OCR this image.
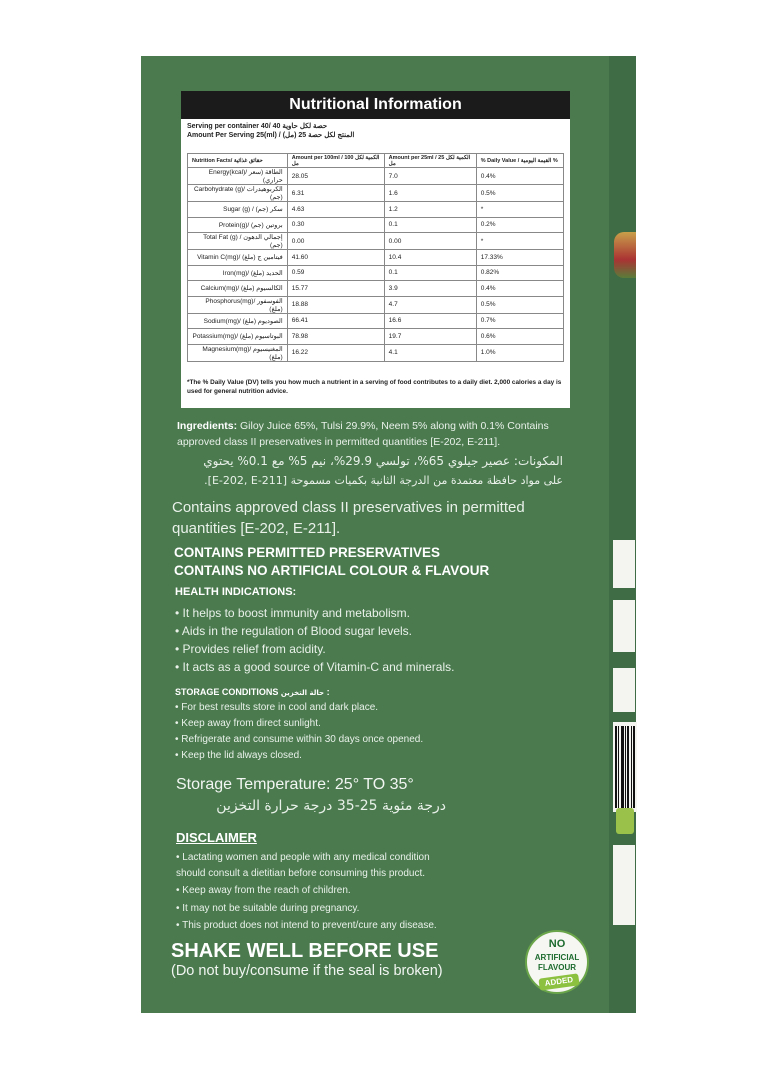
Nutritional Information
Serving per container 40/ 40 حصة لكل حاوية
Amount Per Serving 25(ml) / المنتج لكل حصة 25 (مل)
Nutrition Facts/ حقائق غذائية	Amount per 100ml / الكمية لكل 100 مل	Amount per 25ml / الكمية لكل 25 مل	% Daily Value / القيمة اليومية %
Energy(kcal)/ الطاقة (سعر حراري)	28.05	7.0	0.4%
Carbohydrate (g)/ الكربوهيدرات (جم)	6.31	1.6	0.5%
Sugar (g) / سكر (جم)	4.63	1.2	*
Protein(g)/ بروتين (جم)	0.30	0.1	0.2%
Total Fat (g) / إجمالي الدهون (جم)	0.00	0.00	*
Vitamin C(mg)/ فيتامين ج (ملغ)	41.60	10.4	17.33%
Iron(mg)/ الحديد (ملغ)	0.59	0.1	0.82%
Calcium(mg)/ الكالسيوم (ملغ)	15.77	3.9	0.4%
Phosphorus(mg)/ الفوسفور (ملغ)	18.88	4.7	0.5%
Sodium(mg)/ الصوديوم (ملغ)	66.41	16.6	0.7%
Potassium(mg)/ البوتاسيوم (ملغ)	78.98	19.7	0.6%
Magnesium(mg)/ المغنيسيوم (ملغ)	16.22	4.1	1.0%
*The % Daily Value (DV) tells you how much a nutrient in a serving of food contributes to a daily diet. 2,000 calories a day is used for general nutrition advice.
Ingredients: Giloy Juice 65%, Tulsi 29.9%, Neem 5% along with 0.1% Contains
approved class II preservatives in permitted quantities [E-202, E-211].
المكونات: عصير جيلوي 65%، تولسي 29.9%، نيم 5% مع 0.1% يحتوي
على مواد حافظة معتمدة من الدرجة الثانية بكميات مسموحة [E-202, E-211].
Contains approved class II preservatives in permitted
quantities [E-202, E-211].
CONTAINS PERMITTED PRESERVATIVES
CONTAINS NO ARTIFICIAL COLOUR & FLAVOUR
HEALTH INDICATIONS:
• It helps to boost immunity and metabolism.
• Aids in the regulation of Blood sugar levels.
• Provides relief from acidity.
• It acts as a good source of Vitamin-C and minerals.
STORAGE CONDITIONS حالة التخزين :
• For best results store in cool and dark place.
• Keep away from direct sunlight.
• Refrigerate and consume within 30 days once opened.
• Keep the lid always closed.
Storage Temperature: 25° TO 35°
درجة مئوية 25-35 درجة حرارة التخزين
DISCLAIMER
• Lactating women and people with any medical condition
should consult a dietitian before consuming this product.
• Keep away from the reach of children.
• It may not be suitable during pregnancy.
• This product does not intend to prevent/cure any disease.
SHAKE WELL BEFORE USE
(Do not buy/consume if the seal is broken)
NO
ARTIFICIAL
FLAVOUR
ADDED
